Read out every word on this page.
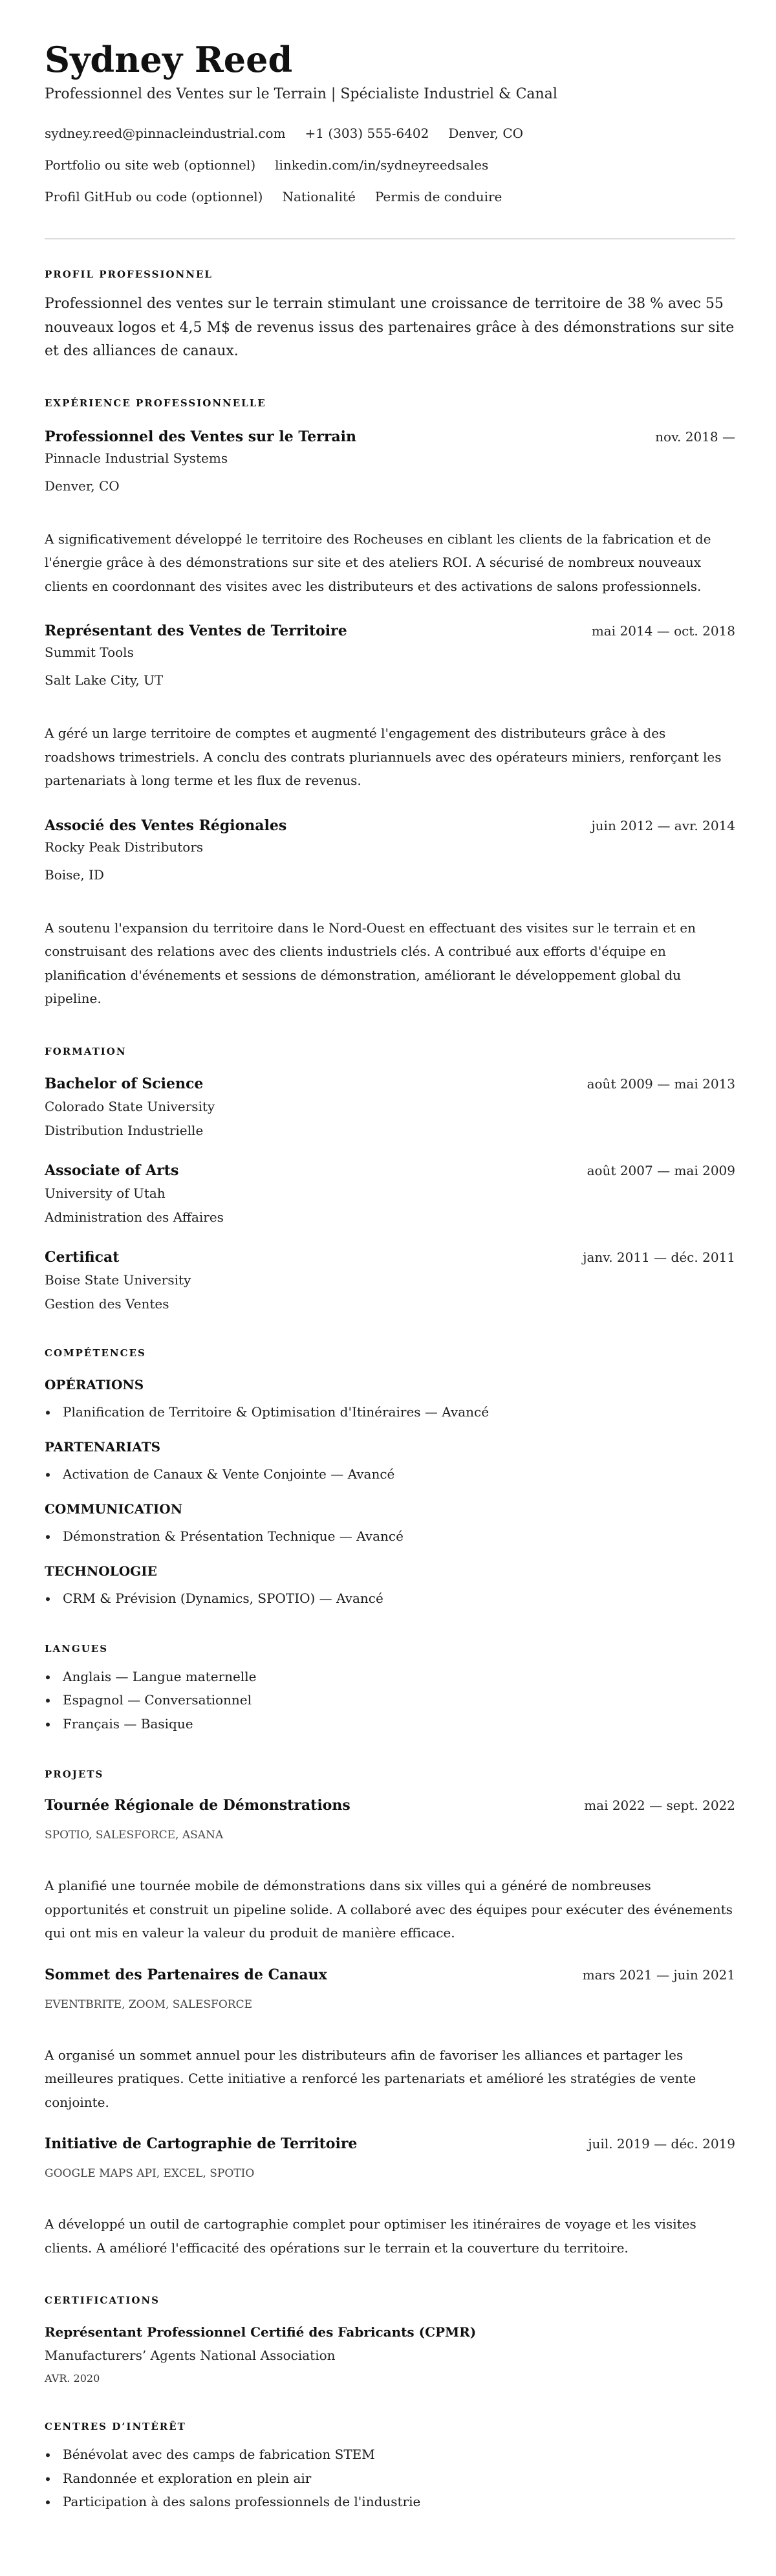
Sydney Reed
Professionnel des Ventes sur le Terrain | Spécialiste Industriel & Canal
sydney.reed@pinnacleindustrial.com +1 (303) 555-6402 Denver, CO
Portfolio ou site web (optionnel) linkedin.com/in/sydneyreedsales
Profil GitHub ou code (optionnel) Nationalité Permis de conduire
PROFIL PROFESSIONNEL

Professionnel des ventes sur le terrain stimulant une croissance de territoire de 38 % avec 55 nouveaux logos et 4,5 M$ de revenus issus des partenaires grâce à des démonstrations sur site et des alliances de canaux.

EXPÉRIENCE PROFESSIONNELLE
Professionnel des Ventes sur le Terrain	nov. 2018 —
Pinnacle Industrial Systems
Denver, CO
A significativement développé le territoire des Rocheuses en ciblant les clients de la fabrication et de l'énergie grâce à des démonstrations sur site et des ateliers ROI. A sécurisé de nombreux nouveaux clients en coordonnant des visites avec les distributeurs et des activations de salons professionnels.
Représentant des Ventes de Territoire	mai 2014 — oct. 2018
Summit Tools
Salt Lake City, UT
A géré un large territoire de comptes et augmenté l'engagement des distributeurs grâce à des roadshows trimestriels. A conclu des contrats pluriannuels avec des opérateurs miniers, renforçant les partenariats à long terme et les flux de revenus.
Associé des Ventes Régionales	juin 2012 — avr. 2014
Rocky Peak Distributors
Boise, ID
A soutenu l'expansion du territoire dans le Nord-Ouest en effectuant des visites sur le terrain et en construisant des relations avec des clients industriels clés. A contribué aux efforts d'équipe en planification d'événements et sessions de démonstration, améliorant le développement global du pipeline.
FORMATION
Bachelor of Science	août 2009 — mai 2013
Colorado State University
Distribution Industrielle
Associate of Arts	août 2007 — mai 2009
University of Utah
Administration des Affaires
Certificat	janv. 2011 — déc. 2011
Boise State University
Gestion des Ventes
COMPÉTENCES
OPÉRATIONS
Planification de Territoire & Optimisation d'Itinéraires — Avancé
PARTENARIATS
Activation de Canaux & Vente Conjointe — Avancé
COMMUNICATION
Démonstration & Présentation Technique — Avancé
TECHNOLOGIE
CRM & Prévision (Dynamics, SPOTIO) — Avancé
LANGUES
Anglais — Langue maternelle
Espagnol — Conversationnel
Français — Basique
PROJETS
Tournée Régionale de Démonstrations	mai 2022 — sept. 2022
SPOTIO, SALESFORCE, ASANA
A planifié une tournée mobile de démonstrations dans six villes qui a généré de nombreuses opportunités et construit un pipeline solide. A collaboré avec des équipes pour exécuter des événements qui ont mis en valeur la valeur du produit de manière efficace.
Sommet des Partenaires de Canaux	mars 2021 — juin 2021
EVENTBRITE, ZOOM, SALESFORCE
A organisé un sommet annuel pour les distributeurs afin de favoriser les alliances et partager les meilleures pratiques. Cette initiative a renforcé les partenariats et amélioré les stratégies de vente conjointe.
Initiative de Cartographie de Territoire	juil. 2019 — déc. 2019
GOOGLE MAPS API, EXCEL, SPOTIO
A développé un outil de cartographie complet pour optimiser les itinéraires de voyage et les visites clients. A amélioré l'efficacité des opérations sur le terrain et la couverture du territoire.
CERTIFICATIONS
Représentant Professionnel Certifié des Fabricants (CPMR)
Manufacturers’ Agents National Association
AVR. 2020
CENTRES D’INTÉRÊT
Bénévolat avec des camps de fabrication STEM
Randonnée et exploration en plein air
Participation à des salons professionnels de l'industrie
